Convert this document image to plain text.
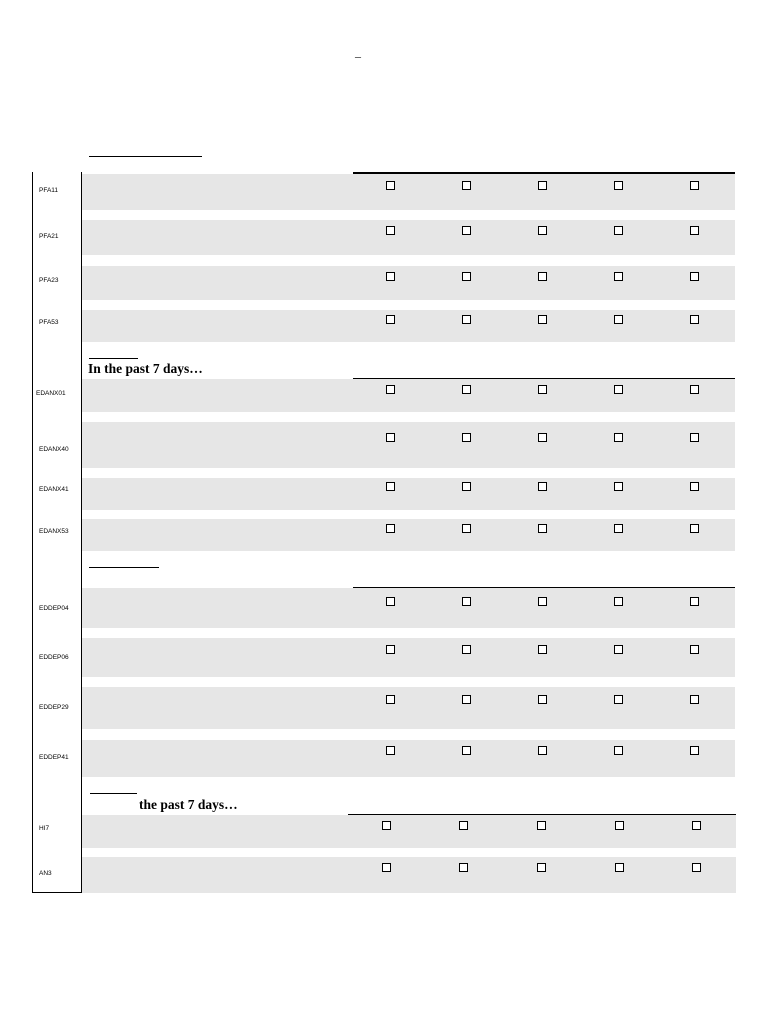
–
In the past 7 days…
the past 7 days…
PFA11
PFA21
PFA23
PFA53
EDANX01
EDANX40
EDANX41
EDANX53
EDDEP04
EDDEP06
EDDEP29
EDDEP41
HI7
AN3
